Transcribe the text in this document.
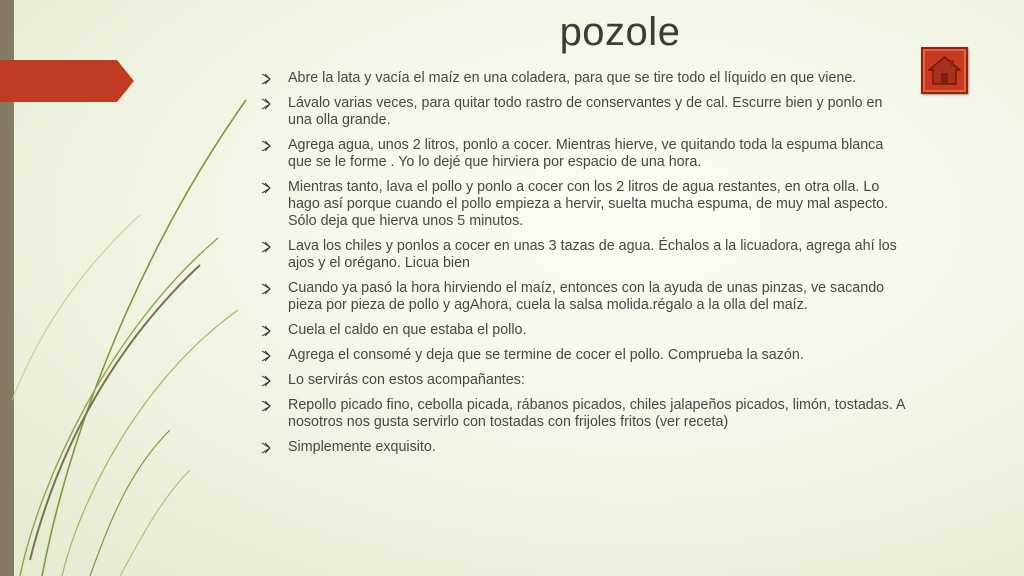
pozole
Abre la lata y vacía el maíz en una coladera, para que se tire todo el líquido en que viene.
Lávalo varias veces, para quitar todo rastro de conservantes y de cal. Escurre bien y ponlo en una olla grande.
Agrega agua, unos 2 litros, ponlo a cocer. Mientras hierve, ve quitando toda la espuma blanca que se le forme . Yo lo dejé que hirviera por espacio de una hora.
Mientras tanto, lava el pollo y ponlo a cocer con los 2 litros de agua restantes, en otra olla. Lo hago así porque cuando el pollo empieza a hervir, suelta mucha espuma, de muy mal aspecto. Sólo deja que hierva unos 5 minutos.
Lava los chiles y ponlos a cocer en unas 3 tazas de agua. Échalos a la licuadora, agrega ahí los ajos y el orégano. Licua bien
Cuando ya pasó la hora hirviendo el maíz, entonces con la ayuda de unas pinzas, ve sacando pieza por pieza de pollo y agAhora, cuela la salsa molida.régalo a la olla del maíz.
Cuela el caldo en que estaba el pollo.
Agrega el consomé y deja que se termine de cocer el pollo. Comprueba la sazón.
Lo servirás con estos acompañantes:
Repollo picado fino, cebolla picada, rábanos picados, chiles jalapeños picados, limón, tostadas. A nosotros nos gusta servirlo con tostadas con frijoles fritos (ver receta)
Simplemente exquisito.
